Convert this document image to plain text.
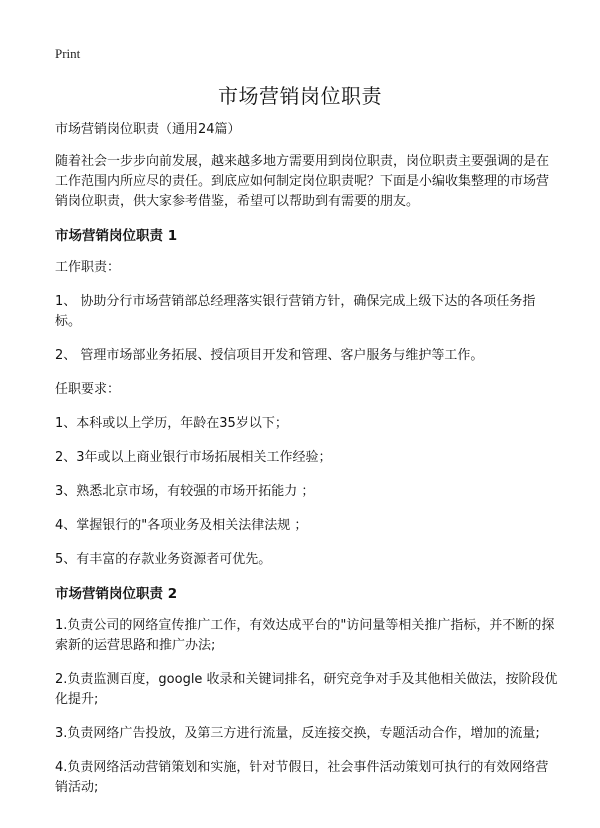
Print
市场营销岗位职责

市场营销岗位职责（通用24篇）

随着社会一步步向前发展，越来越多地方需要用到岗位职责，岗位职责主要强调的是在工作范围内所应尽的责任。到底应如何制定岗位职责呢？下面是小编收集整理的市场营销岗位职责，供大家参考借鉴，希望可以帮助到有需要的朋友。

市场营销岗位职责 1

工作职责：

1、 协助分行市场营销部总经理落实银行营销方针，确保完成上级下达的各项任务指标。

2、 管理市场部业务拓展、授信项目开发和管理、客户服务与维护等工作。

任职要求：

1、本科或以上学历，年龄在35岁以下；

2、3年或以上商业银行市场拓展相关工作经验；

3、熟悉北京市场，有较强的市场开拓能力 ；

4、掌握银行的"各项业务及相关法律法规 ；

5、有丰富的存款业务资源者可优先。

市场营销岗位职责 2

1.负责公司的网络宣传推广工作，有效达成平台的"访问量等相关推广指标，并不断的探索新的运营思路和推广办法;

2.负责监测百度，google 收录和关键词排名，研究竞争对手及其他相关做法，按阶段优化提升;

3.负责网络广告投放，及第三方进行流量，反连接交换，专题活动合作，增加的流量;

4.负责网络活动营销策划和实施，针对节假日，社会事件活动策划可执行的有效网络营销活动;
